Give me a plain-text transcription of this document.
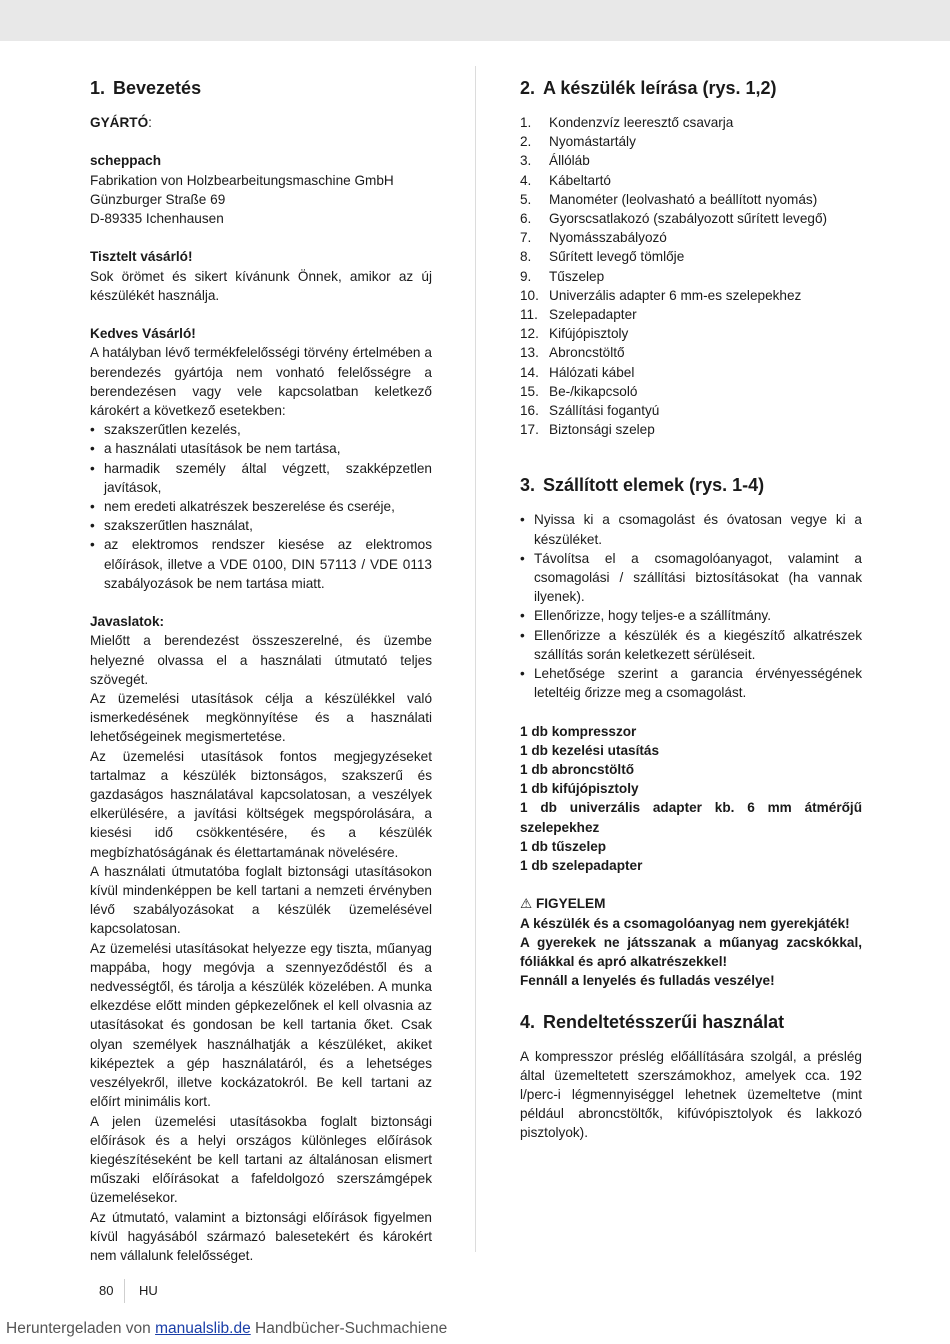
1. Bevezetés

GYÁRTÓ:

scheppach

Fabrikation von Holzbearbeitungsmaschine GmbH

Günzburger Straße 69

D-89335 Ichenhausen

Tisztelt vásárló!

Sok örömet és sikert kívánunk Önnek, amikor az új készülékét használja.

Kedves Vásárló!

A hatályban lévő termékfelelősségi törvény értelmében a berendezés gyártója nem vonható felelősségre a berendezésen vagy vele kapcsolatban keletkező károkért a következő esetekben:

• szakszerűtlen kezelés,
• a használati utasítások be nem tartása,
• harmadik személy által végzett, szakképzetlen javítások,
• nem eredeti alkatrészek beszerelése és cseréje,
• szakszerűtlen használat,
• az elektromos rendszer kiesése az elektromos előírások, illetve a VDE 0100, DIN 57113 / VDE 0113 szabályozások be nem tartása miatt.

Javaslatok:

Mielőtt a berendezést összeszerelné, és üzembe helyezné olvassa el a használati útmutató teljes szövegét.

Az üzemelési utasítások célja a készülékkel való ismerkedésének megkönnyítése és a használati lehetőségeinek megismertetése.

Az üzemelési utasítások fontos megjegyzéseket tartalmaz a készülék biztonságos, szakszerű és gazdaságos használatával kapcsolatosan, a veszélyek elkerülésére, a javítási költségek megspórolására, a kiesési idő csökkentésére, és a készülék megbízhatóságának és élettartamának növelésére.

A használati útmutatóba foglalt biztonsági utasításokon kívül mindenképpen be kell tartani a nemzeti érvényben lévő szabályozásokat a készülék üzemelésével kapcsolatosan.

Az üzemelési utasításokat helyezze egy tiszta, műanyag mappába, hogy megóvja a szennyeződéstől és a nedvességtől, és tárolja a készülék közelében. A munka elkezdése előtt minden gépkezelőnek el kell olvasnia az utasításokat és gondosan be kell tartania őket. Csak olyan személyek használhatják a készüléket, akiket kiképeztek a gép használatáról, és a lehetséges veszélyekről, illetve kockázatokról. Be kell tartani az előírt minimális kort.

A jelen üzemelési utasításokba foglalt biztonsági előírások és a helyi országos különleges előírások kiegészítéseként be kell tartani az általánosan elismert műszaki előírásokat a fafeldolgozó szerszámgépek üzemelésekor.

Az útmutató, valamint a biztonsági előírások figyelmen kívül hagyásából származó balesetekért és károkért nem vállalunk felelősséget.

2. A készülék leírása (rys. 1,2)
1.	Kondenzvíz leeresztő csavarja
2.	Nyomástartály
3.	Állóláb
4.	Kábeltartó
5.	Manométer (leolvasható a beállított nyomás)
6.	Gyorscsatlakozó (szabályozott sűrített levegő)
7.	Nyomásszabályozó
8.	Sűrített levegő tömlője
9.	Tűszelep
10. Univerzális adapter 6 mm-es szelepekhez
11. Szelepadapter
12. Kifújópisztoly
13. Abroncstöltő
14. Hálózati kábel
15. Be-/kikapcsoló
16. Szállítási fogantyú
17. Biztonsági szelep
3. Szállított elemek (rys. 1-4)
• Nyissa ki a csomagolást és óvatosan vegye ki a készüléket.
• Távolítsa el a csomagolóanyagot, valamint a csomagolási / szállítási biztosításokat (ha vannak ilyenek).
• Ellenőrizze, hogy teljes-e a szállítmány.
• Ellenőrizze a készülék és a kiegészítő alkatrészek szállítás során keletkezett sérüléseit.
• Lehetősége szerint a garancia érvényességének leteltéig őrizze meg a csomagolást.

1 db kompresszor

1 db kezelési utasítás

1 db abroncstöltő

1 db kifújópisztoly

1 db univerzális adapter kb. 6 mm átmérőjű szelepekhez

1 db tűszelep

1 db szelepadapter

⚠ FIGYELEM

A készülék és a csomagolóanyag nem gyerekjáték!

A gyerekek ne játsszanak a műanyag zacskókkal, fóliákkal és apró alkatrészekkel!

Fennáll a lenyelés és fulladás veszélye!

4. Rendeltetésszerűi használat

A kompresszor préslég előállítására szolgál, a préslég által üzemeltetett szerszámokhoz, amelyek cca. 192 l/perc-i légmennyiséggel lehetnek üzemeltetve (mint például abroncstöltők, kifúvópisztolyok és lakkozó pisztolyok).

80 HU
Heruntergeladen von manualslib.de Handbücher-Suchmachiene
